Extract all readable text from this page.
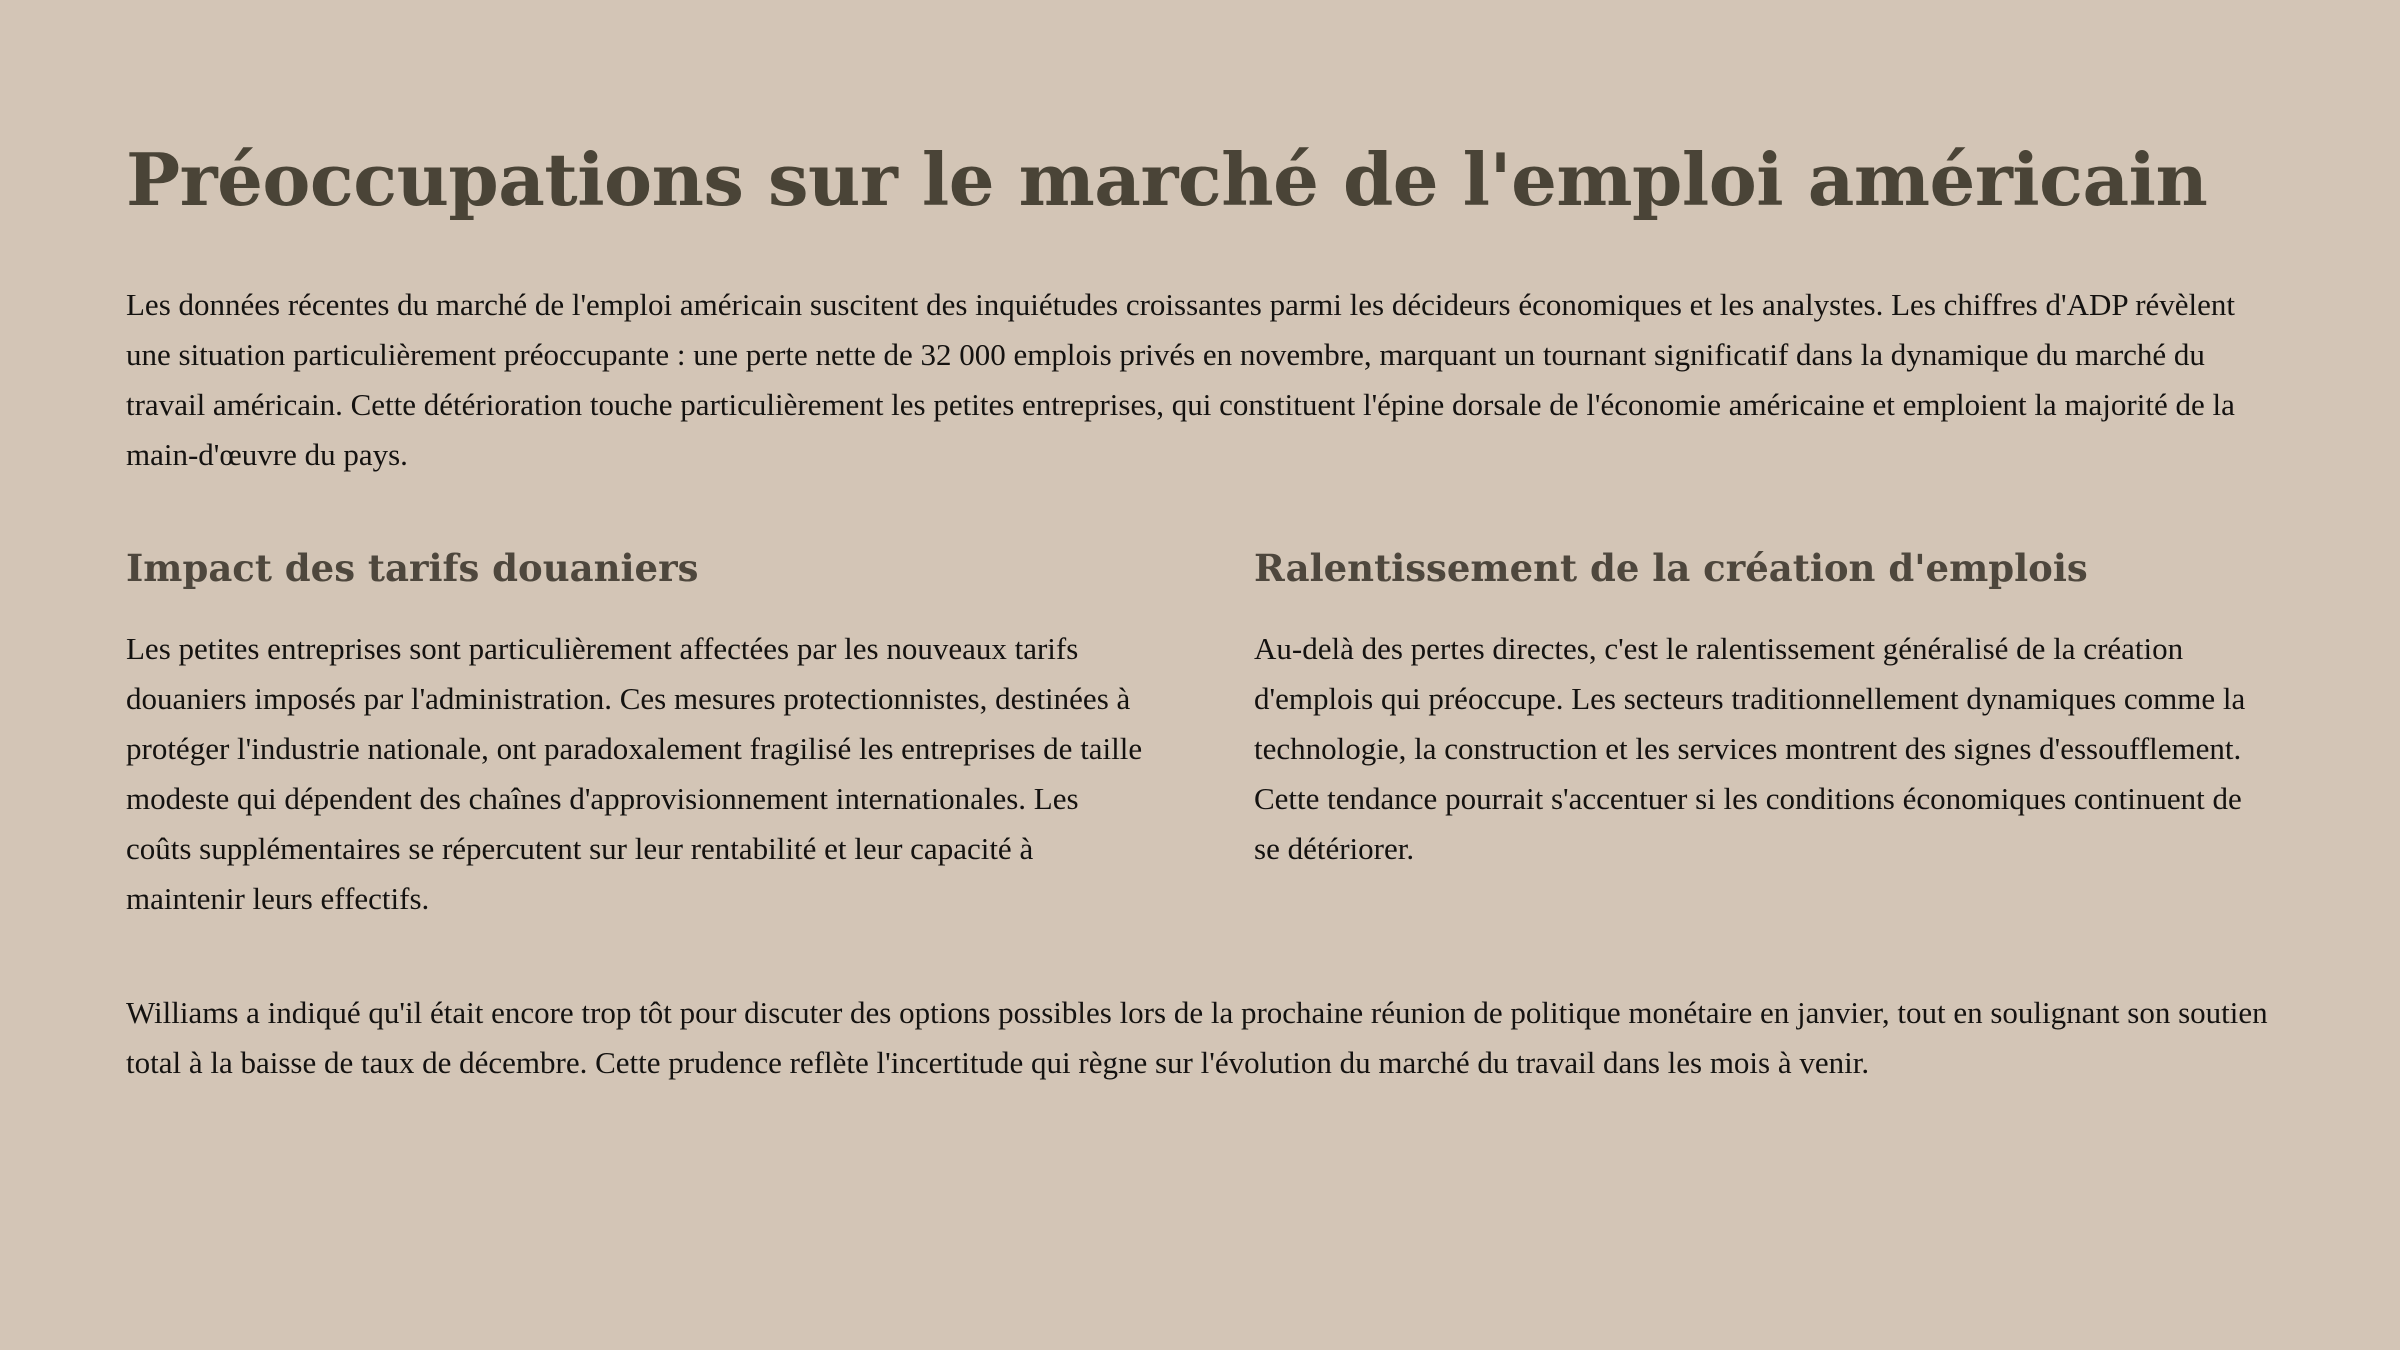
Préoccupations sur le marché de l'emploi américain

Les données récentes du marché de l'emploi américain suscitent des inquiétudes croissantes parmi les décideurs économiques et les analystes. Les chiffres d'ADP révèlent une situation particulièrement préoccupante : une perte nette de 32 000 emplois privés en novembre, marquant un tournant significatif dans la dynamique du marché du travail américain. Cette détérioration touche particulièrement les petites entreprises, qui constituent l'épine dorsale de l'économie américaine et emploient la majorité de la main-d'œuvre du pays.

Impact des tarifs douaniers

Les petites entreprises sont particulièrement affectées par les nouveaux tarifs douaniers imposés par l'administration. Ces mesures protectionnistes, destinées à protéger l'industrie nationale, ont paradoxalement fragilisé les entreprises de taille modeste qui dépendent des chaînes d'approvisionnement internationales. Les coûts supplémentaires se répercutent sur leur rentabilité et leur capacité à maintenir leurs effectifs.

Ralentissement de la création d'emplois

Au-delà des pertes directes, c'est le ralentissement généralisé de la création d'emplois qui préoccupe. Les secteurs traditionnellement dynamiques comme la technologie, la construction et les services montrent des signes d'essoufflement. Cette tendance pourrait s'accentuer si les conditions économiques continuent de se détériorer.

Williams a indiqué qu'il était encore trop tôt pour discuter des options possibles lors de la prochaine réunion de politique monétaire en janvier, tout en soulignant son soutien total à la baisse de taux de décembre. Cette prudence reflète l'incertitude qui règne sur l'évolution du marché du travail dans les mois à venir.
